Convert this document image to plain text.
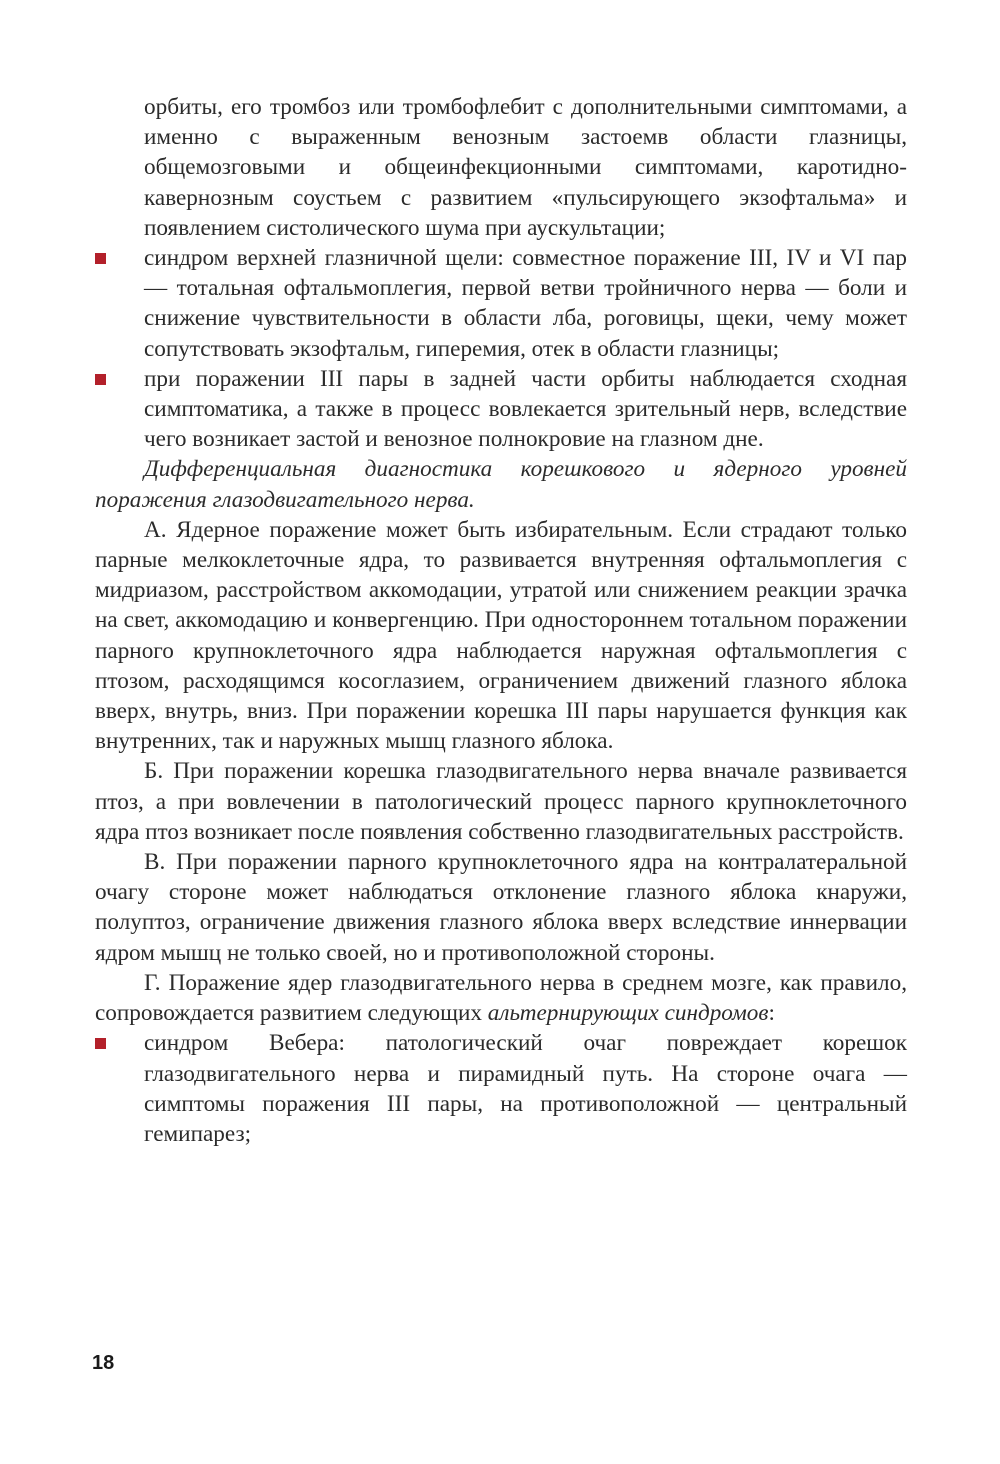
орбиты, его тромбоз или тромбофлебит с дополнительными симптомами, а именно с выраженным венозным застоемв области глазницы, общемозговыми и общеинфекционными симптомами, каротидно-кавернозным соустьем с развитием «пульсирующего экзофтальма» и появлением систолического шума при аускультации;

синдром верхней глазничной щели: совместное поражение III, IV и VI пар — тотальная офтальмоплегия, первой ветви тройничного нерва — боли и снижение чувствительности в области лба, роговицы, щеки, чему может сопутствовать экзофтальм, гиперемия, отек в области глазницы;
при поражении III пары в задней части орбиты наблюдается сходная симптоматика, а также в процесс вовлекается зрительный нерв, вследствие чего возникает застой и венозное полнокровие на глазном дне.

Дифференциальная диагностика корешкового и ядерного уровней поражения глазодвигательного нерва.

А. Ядерное поражение может быть избирательным. Если страдают только парные мелкоклеточные ядра, то развивается внутренняя офтальмоплегия с мидриазом, расстройством аккомодации, утратой или снижением реакции зрачка на свет, аккомодацию и конвергенцию. При одностороннем тотальном поражении парного крупноклеточного ядра наблюдается наружная офтальмоплегия с птозом, расходящимся косоглазием, ограничением движений глазного яблока вверх, внутрь, вниз. При поражении корешка III пары нарушается функция как внутренних, так и наружных мышц глазного яблока.

Б. При поражении корешка глазодвигательного нерва вначале развивается птоз, а при вовлечении в патологический процесс парного крупноклеточного ядра птоз возникает после появления собственно глазодвигательных расстройств.

В. При поражении парного крупноклеточного ядра на контралатеральной очагу стороне может наблюдаться отклонение глазного яблока кнаружи, полуптоз, ограничение движения глазного яблока вверх вследствие иннервации ядром мышц не только своей, но и противоположной стороны.

Г. Поражение ядер глазодвигательного нерва в среднем мозге, как правило, сопровождается развитием следующих альтернирующих синдромов:

синдром Вебера: патологический очаг повреждает корешок глазодвигательного нерва и пирамидный путь. На стороне очага — симптомы поражения III пары, на противоположной — центральный гемипарез;
18
